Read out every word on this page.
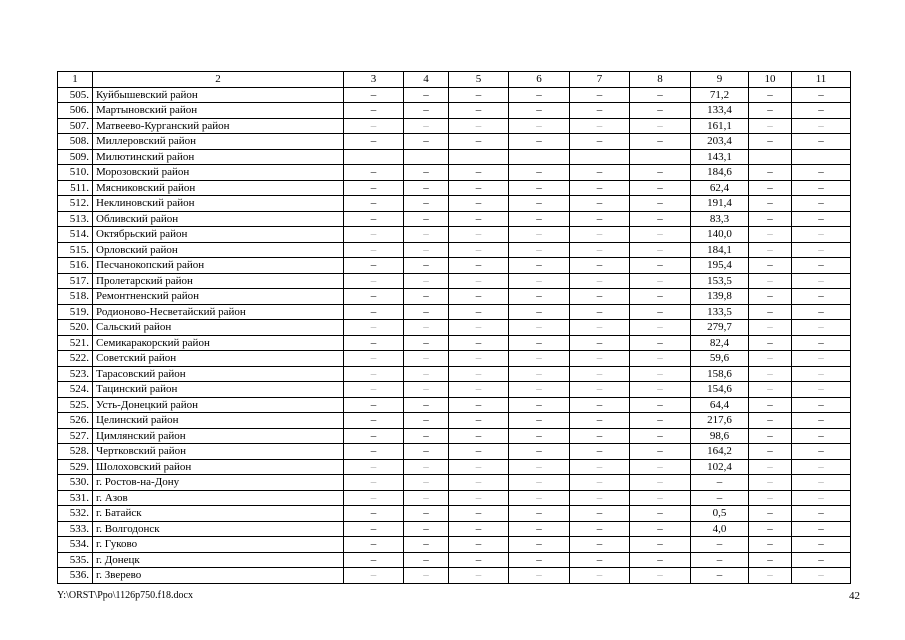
1	2	3	4	5	6	7	8	9	10	11
505.	Куйбышевский район	–	–	–	–	–	–	71,2	–	–
506.	Мартыновский район	–	–	–	–	–	–	133,4	–	–
507.	Матвеево-Курганский район	–	–	–	–	–	–	161,1	–	–
508.	Миллеровский район	–	–	–	–	–	–	203,4	–	–
509.	Милютинский район							143,1		
510.	Морозовский район	–	–	–	–	–	–	184,6	–	–
511.	Мясниковский район	–	–	–	–	–	–	62,4	–	–
512.	Неклиновский район	–	–	–	–	–	–	191,4	–	–
513.	Обливский район	–	–	–	–	–	–	83,3	–	–
514.	Октябрьский район	–	–	–	–	–	–	140,0	–	–
515.	Орловский район	–	–	–	–	–	–	184,1	–	–
516.	Песчанокопский район	–	–	–	–	–	–	195,4	–	–
517.	Пролетарский район	–	–	–	–	–	–	153,5	–	–
518.	Ремонтненский район	–	–	–	–	–	–	139,8	–	–
519.	Родионово-Несветайский район	–	–	–	–	–	–	133,5	–	–
520.	Сальский район	–	–	–	–	–	–	279,7	–	–
521.	Семикаракорский район	–	–	–	–	–	–	82,4	–	–
522.	Советский район	–	–	–	–	–	–	59,6	–	–
523.	Тарасовский район	–	–	–	–	–	–	158,6	–	–
524.	Тацинский район	–	–	–	–	–	–	154,6	–	–
525.	Усть-Донецкий район	–	–	–	–	–	–	64,4	–	–
526.	Целинский район	–	–	–	–	–	–	217,6	–	–
527.	Цимлянский район	–	–	–	–	–	–	98,6	–	–
528.	Чертковский район	–	–	–	–	–	–	164,2	–	–
529.	Шолоховский район	–	–	–	–	–	–	102,4	–	–
530.	г. Ростов-на-Дону	–	–	–	–	–	–	–	–	–
531.	г. Азов	–	–	–	–	–	–	–	–	–
532.	г. Батайск	–	–	–	–	–	–	0,5	–	–
533.	г. Волгодонск	–	–	–	–	–	–	4,0	–	–
534.	г. Гуково	–	–	–	–	–	–	–	–	–
535.	г. Донецк	–	–	–	–	–	–	–	–	–
536.	г. Зверево	–	–	–	–	–	–	–	–	–
Y:\ORST\Ppo\1126p750.f18.docx	42
